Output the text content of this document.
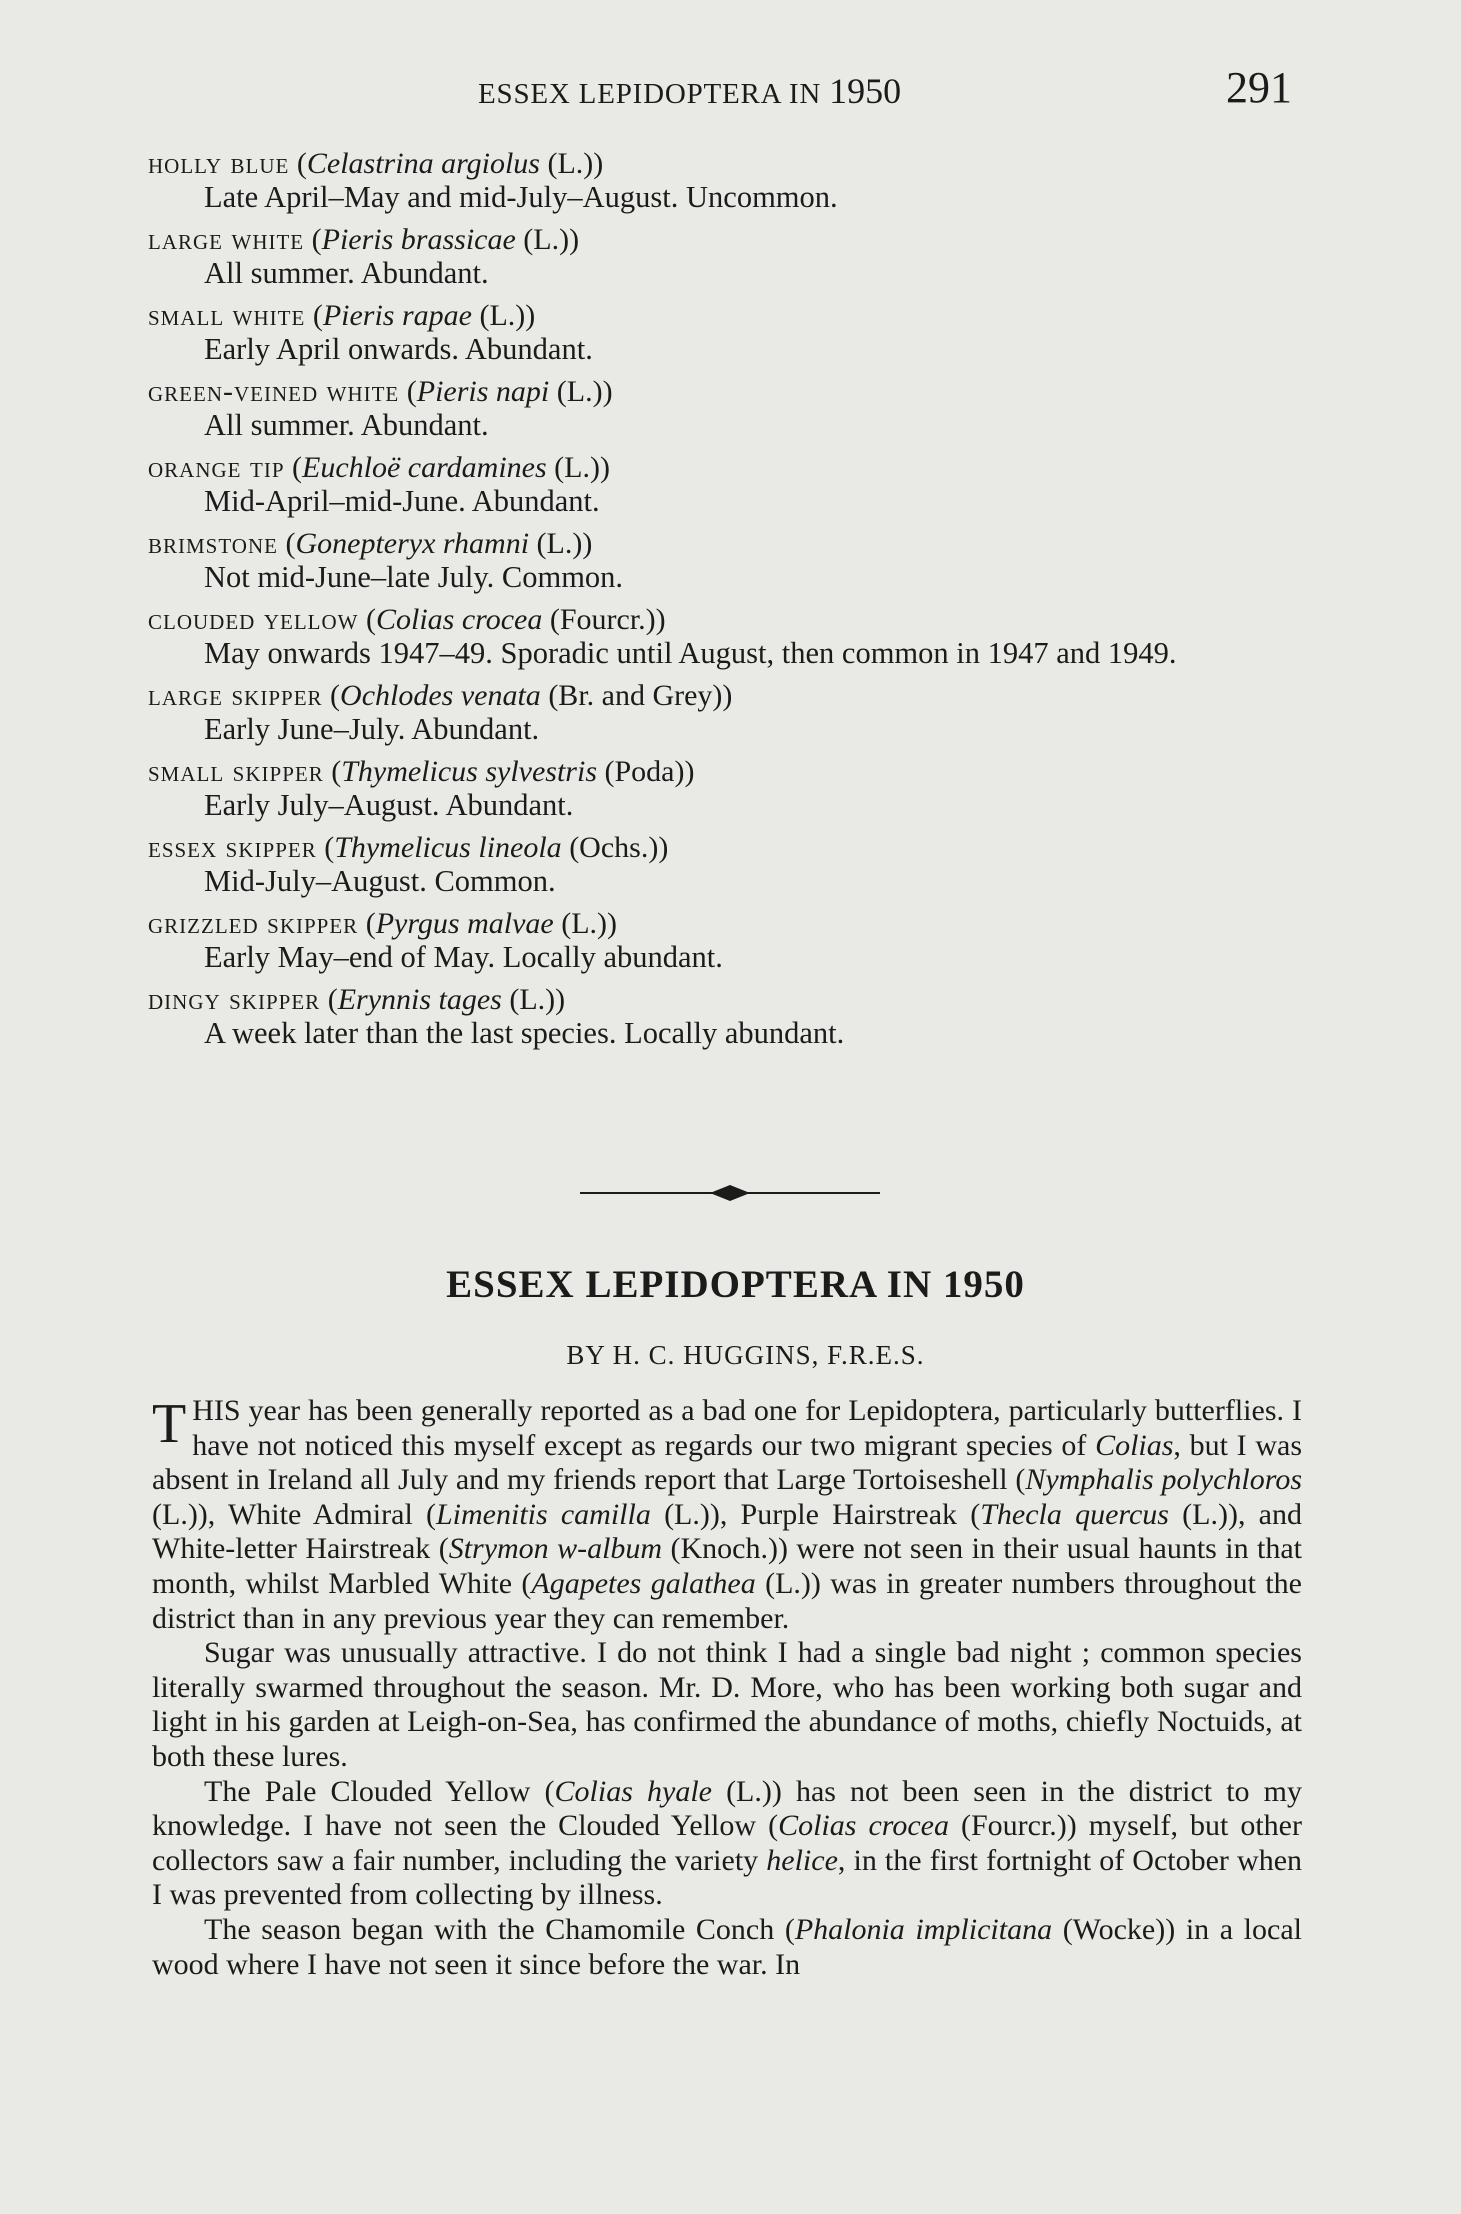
ESSEX LEPIDOPTERA IN 1950	291
holly blue (Celastrina argiolus (L.))
Late April–May and mid-July–August. Uncommon.
large white (Pieris brassicae (L.))
All summer. Abundant.
small white (Pieris rapae (L.))
Early April onwards. Abundant.
green-veined white (Pieris napi (L.))
All summer. Abundant.
orange tip (Euchloë cardamines (L.))
Mid-April–mid-June. Abundant.
brimstone (Gonepteryx rhamni (L.))
Not mid-June–late July. Common.
clouded yellow (Colias crocea (Fourcr.))
May onwards 1947–49. Sporadic until August, then common in 1947 and 1949.
large skipper (Ochlodes venata (Br. and Grey))
Early June–July. Abundant.
small skipper (Thymelicus sylvestris (Poda))
Early July–August. Abundant.
essex skipper (Thymelicus lineola (Ochs.))
Mid-July–August. Common.
grizzled skipper (Pyrgus malvae (L.))
Early May–end of May. Locally abundant.
dingy skipper (Erynnis tages (L.))
A week later than the last species. Locally abundant.
ESSEX LEPIDOPTERA IN 1950
BY H. C. HUGGINS, F.R.E.S.

THIS year has been generally reported as a bad one for Lepidoptera, particularly butterflies. I have not noticed this myself except as regards our two migrant species of Colias, but I was absent in Ireland all July and my friends report that Large Tortoiseshell (Nymphalis polychloros (L.)), White Admiral (Limenitis camilla (L.)), Purple Hairstreak (Thecla quercus (L.)), and White-letter Hairstreak (Strymon w-album (Knoch.)) were not seen in their usual haunts in that month, whilst Marbled White (Agapetes galathea (L.)) was in greater numbers throughout the district than in any previous year they can remember.

Sugar was unusually attractive. I do not think I had a single bad night ; common species literally swarmed throughout the season. Mr. D. More, who has been working both sugar and light in his garden at Leigh-on-Sea, has confirmed the abundance of moths, chiefly Noctuids, at both these lures.

The Pale Clouded Yellow (Colias hyale (L.)) has not been seen in the district to my knowledge. I have not seen the Clouded Yellow (Colias crocea (Fourcr.)) myself, but other collectors saw a fair number, including the variety helice, in the first fortnight of October when I was prevented from collecting by illness.

The season began with the Chamomile Conch (Phalonia implicitana (Wocke)) in a local wood where I have not seen it since before the war. In
